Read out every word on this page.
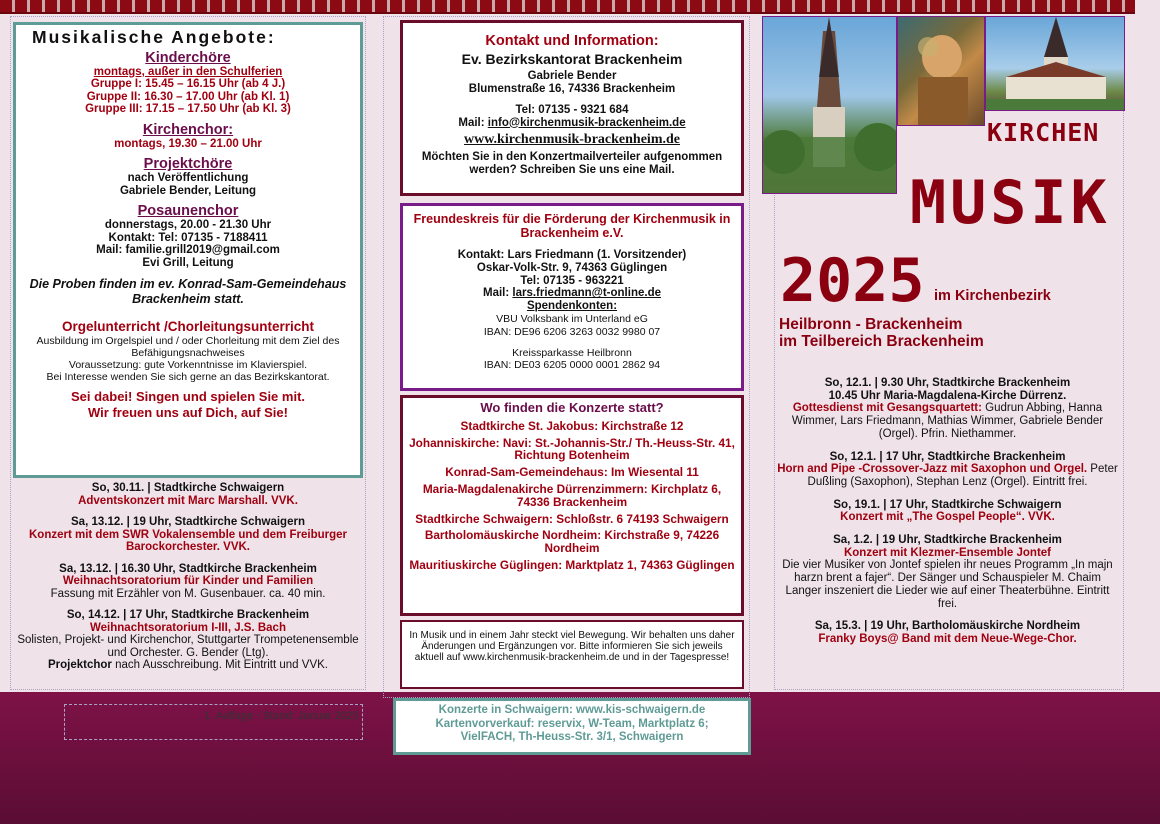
Musikalische Angebote:
Kinderchöre
montags, außer in den Schulferien
Gruppe I: 15.45 – 16.15 Uhr (ab 4 J.)
Gruppe II: 16.30 – 17.00 Uhr (ab Kl. 1)
Gruppe III: 17.15 – 17.50 Uhr (ab Kl. 3)
Kirchenchor:
montags, 19.30 – 21.00 Uhr
Projektchöre
nach Veröffentlichung
Gabriele Bender, Leitung
Posaunenchor
donnerstags, 20.00 - 21.30 Uhr
Kontakt: Tel: 07135 - 7188411
Mail: familie.grill2019@gmail.com
Evi Grill, Leitung
Die Proben finden im ev. Konrad-Sam-Gemeindehaus Brackenheim statt.
Orgelunterricht /Chorleitungsunterricht
Ausbildung im Orgelspiel und / oder Chorleitung mit dem Ziel des Befähigungsnachweises
Voraussetzung: gute Vorkenntnisse im Klavierspiel.
Bei Interesse wenden Sie sich gerne an das Bezirkskantorat.
Sei dabei! Singen und spielen Sie mit.
Wir freuen uns auf Dich, auf Sie!
So, 30.11. | Stadtkirche Schwaigern
Adventskonzert mit Marc Marshall. VVK.
Sa, 13.12. | 19 Uhr, Stadtkirche Schwaigern
Konzert mit dem SWR Vokalensemble und dem Freiburger Barockorchester. VVK.
Sa, 13.12. | 16.30 Uhr, Stadtkirche Brackenheim
Weihnachtsoratorium für Kinder und Familien
Fassung mit Erzähler von M. Gusenbauer. ca. 40 min.
So, 14.12. | 17 Uhr, Stadtkirche Brackenheim
Weihnachtsoratorium I-III, J.S. Bach
Solisten, Projekt- und Kirchenchor, Stuttgarter Trompetenensemble und Orchester. G. Bender (Ltg).
Projektchor nach Ausschreibung. Mit Eintritt und VVK.
1. Auflage - Stand: Januar 2025
Kontakt und Information:
Ev. Bezirkskantorat Brackenheim
Gabriele Bender
Blumenstraße 16, 74336 Brackenheim
Tel: 07135 - 9321 684
Mail: info@kirchenmusik-brackenheim.de
www.kirchenmusik-brackenheim.de
Möchten Sie in den Konzertmailverteiler aufgenommen werden? Schreiben Sie uns eine Mail.
Freundeskreis für die Förderung der Kirchenmusik in Brackenheim e.V.
Kontakt: Lars Friedmann (1. Vorsitzender)
Oskar-Volk-Str. 9, 74363 Güglingen
Tel: 07135 - 963221
Mail: lars.friedmann@t-online.de
Spendenkonten:
VBU Volksbank im Unterland eG
IBAN: DE96 6206 3263 0032 9980 07
Kreissparkasse Heilbronn
IBAN: DE03 6205 0000 0001 2862 94
Wo finden die Konzerte statt?
Stadtkirche St. Jakobus: Kirchstraße 12
Johanniskirche: Navi: St.-Johannis-Str./ Th.-Heuss-Str. 41, Richtung Botenheim
Konrad-Sam-Gemeindehaus: Im Wiesental 11
Maria-Magdalenakirche Dürrenzimmern: Kirchplatz 6, 74336 Brackenheim
Stadtkirche Schwaigern: Schloßstr. 6 74193 Schwaigern
Bartholomäuskirche Nordheim: Kirchstraße 9, 74226 Nordheim
Mauritiuskirche Güglingen: Marktplatz 1, 74363 Güglingen
In Musik und in einem Jahr steckt viel Bewegung. Wir behalten uns daher Änderungen und Ergänzungen vor. Bitte informieren Sie sich jeweils aktuell auf www.kirchenmusik-brackenheim.de und in der Tagespresse!
Konzerte in Schwaigern: www.kis-schwaigern.de
Kartenvorverkauf: reservix, W-Team, Marktplatz 6;
VielFACH, Th-Heuss-Str. 3/1, Schwaigern
KIRCHEN
MUSIK
2025 im Kirchenbezirk
Heilbronn - Brackenheim
im Teilbereich Brackenheim
So, 12.1. | 9.30 Uhr, Stadtkirche Brackenheim
10.45 Uhr Maria-Magdalena-Kirche Dürrenz.
Gottesdienst mit Gesangsquartett: Gudrun Abbing, Hanna Wimmer, Lars Friedmann, Mathias Wimmer, Gabriele Bender (Orgel). Pfrin. Niethammer.
So, 12.1. | 17 Uhr, Stadtkirche Brackenheim
Horn and Pipe -Crossover-Jazz mit Saxophon und Orgel. Peter Dußling (Saxophon), Stephan Lenz (Orgel). Eintritt frei.
So, 19.1. | 17 Uhr, Stadtkirche Schwaigern
Konzert mit „The Gospel People“. VVK.
Sa, 1.2. | 19 Uhr, Stadtkirche Brackenheim
Konzert mit Klezmer-Ensemble Jontef
Die vier Musiker von Jontef spielen ihr neues Programm „In majn harzn brent a fajer“. Der Sänger und Schauspieler M. Chaim Langer inszeniert die Lieder wie auf einer Theaterbühne. Eintritt frei.
Sa, 15.3. | 19 Uhr, Bartholomäuskirche Nordheim
Franky Boys@ Band mit dem Neue-Wege-Chor.
